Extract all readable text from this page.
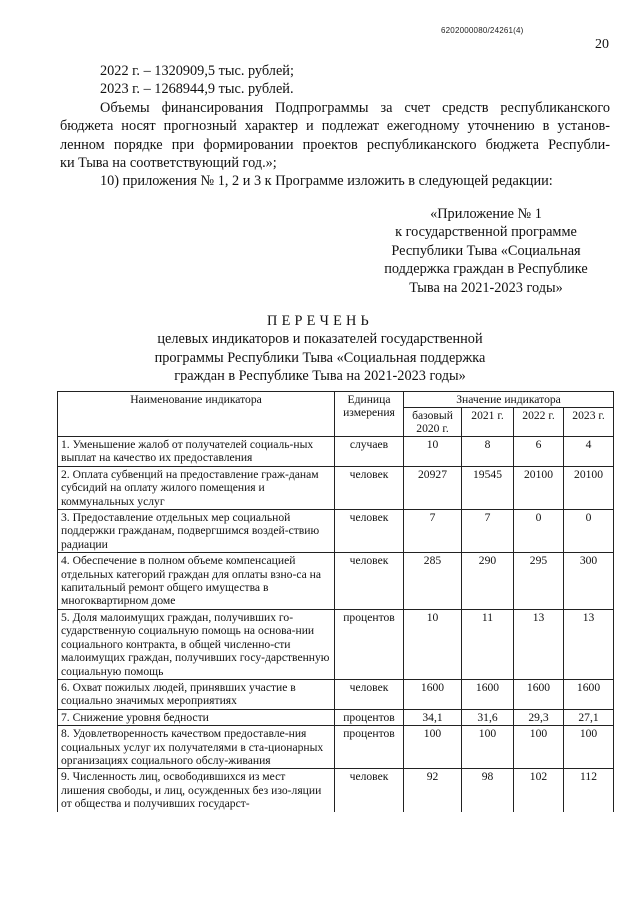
6202000080/24261(4)
20
2022 г. – 1320909,5 тыс. рублей;
2023 г. – 1268944,9 тыс. рублей.
Объемы финансирования Подпрограммы за счет средств республиканского
бюджета носят прогнозный характер и подлежат ежегодному уточнению в установ-
ленном порядке при формировании проектов республиканского бюджета Республи-
ки Тыва на соответствующий год.»;
10) приложения № 1, 2 и 3 к Программе изложить в следующей редакции:
«Приложение № 1
к государственной программе
Республики Тыва «Социальная
поддержка граждан в Республике
Тыва на 2021-2023 годы»
ПЕРЕЧЕНЬ
целевых индикаторов и показателей государственной
программы Республики Тыва «Социальная поддержка
граждан в Республике Тыва на 2021-2023 годы»
Наименование индикатора	Единица измерения	Значение индикатора			
		базовый 2020 г.	2021 г.	2022 г.	2023 г.
1. Уменьшение жалоб от получателей социаль-ных выплат на качество их предоставления	случаев	10	8	6	4
2. Оплата субвенций на предоставление граж-данам субсидий на оплату жилого помещения и коммунальных услуг	человек	20927	19545	20100	20100
3. Предоставление отдельных мер социальной поддержки гражданам, подвергшимся воздей-ствию радиации	человек	7	7	0	0
4. Обеспечение в полном объеме компенсацией отдельных категорий граждан для оплаты взно-са на капитальный ремонт общего имущества в многоквартирном доме	человек	285	290	295	300
5. Доля малоимущих граждан, получивших го-сударственную социальную помощь на основа-нии социального контракта, в общей численно-сти малоимущих граждан, получивших госу-дарственную социальную помощь	процентов	10	11	13	13
6. Охват пожилых людей, принявших участие в социально значимых мероприятиях	человек	1600	1600	1600	1600
7. Снижение уровня бедности	процентов	34,1	31,6	29,3	27,1
8. Удовлетворенность качеством предоставле-ния социальных услуг их получателями в ста-ционарных организациях социального обслу-живания	процентов	100	100	100	100
9. Численность лиц, освободившихся из мест лишения свободы, и лиц, осужденных без изо-ляции от общества и получивших государст-	человек	92	98	102	112
